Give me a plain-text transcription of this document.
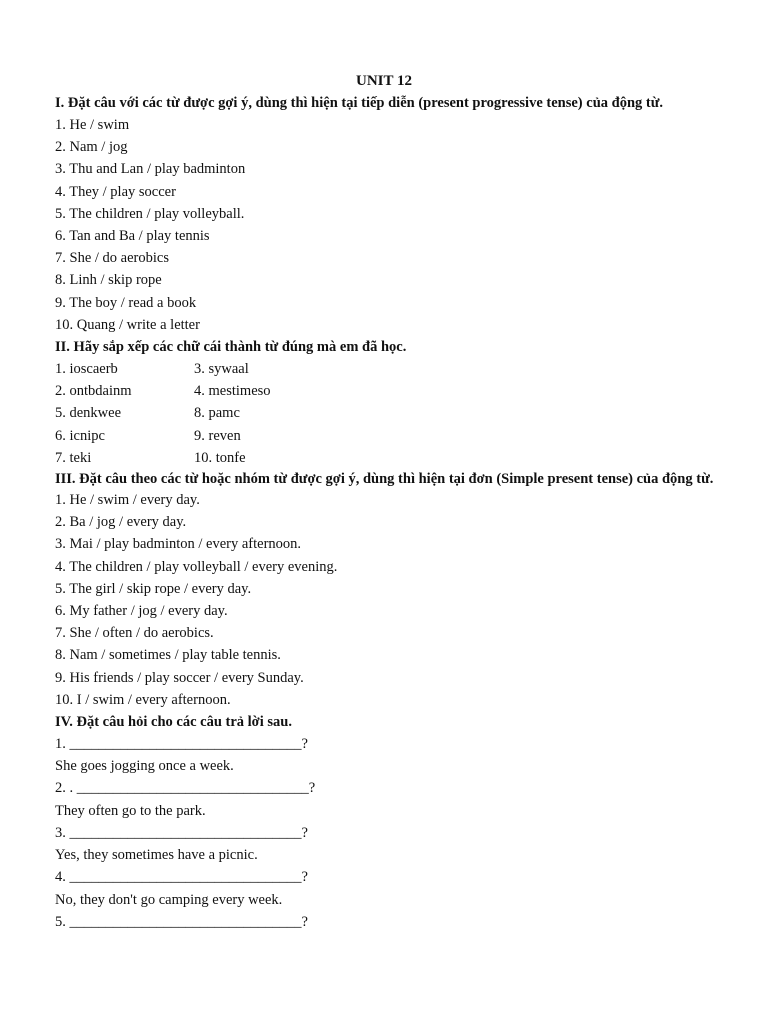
UNIT 12
I. Đặt câu với các từ được gợi ý, dùng thì hiện tại tiếp diễn (present progressive tense) của động từ.
1. He / swim
2. Nam / jog
3. Thu and Lan / play badminton
4. They / play soccer
5. The children / play volleyball.
6. Tan and Ba / play tennis
7. She / do aerobics
8. Linh / skip rope
9. The boy / read a book
10. Quang / write a letter
II. Hãy sắp xếp các chữ cái thành từ đúng mà em đã học.
1. ioscaerb	3. sywaal
2. ontbdainm	4. mestimeso
5. denkwee	8. pamc
6. icnipc	9. reven
7. teki	10. tonfe
III. Đặt câu theo các từ hoặc nhóm từ được gợi ý, dùng thì hiện tại đơn (Simple present tense) của động từ.
1. He / swim / every day.
2. Ba / jog / every day.
3. Mai / play badminton / every afternoon.
4. The children / play volleyball / every evening.
5. The girl / skip rope / every day.
6. My father / jog / every day.
7. She / often / do aerobics.
8. Nam / sometimes / play table tennis.
9. His friends / play soccer / every Sunday.
10. I / swim / every afternoon.
IV. Đặt câu hỏi cho các câu trả lời sau.
1. ________________________________?
She goes jogging once a week.
2. . ________________________________?
They often go to the park.
3. ________________________________?
Yes, they sometimes have a picnic.
4. ________________________________?
No, they don't go camping every week.
5. ________________________________?
